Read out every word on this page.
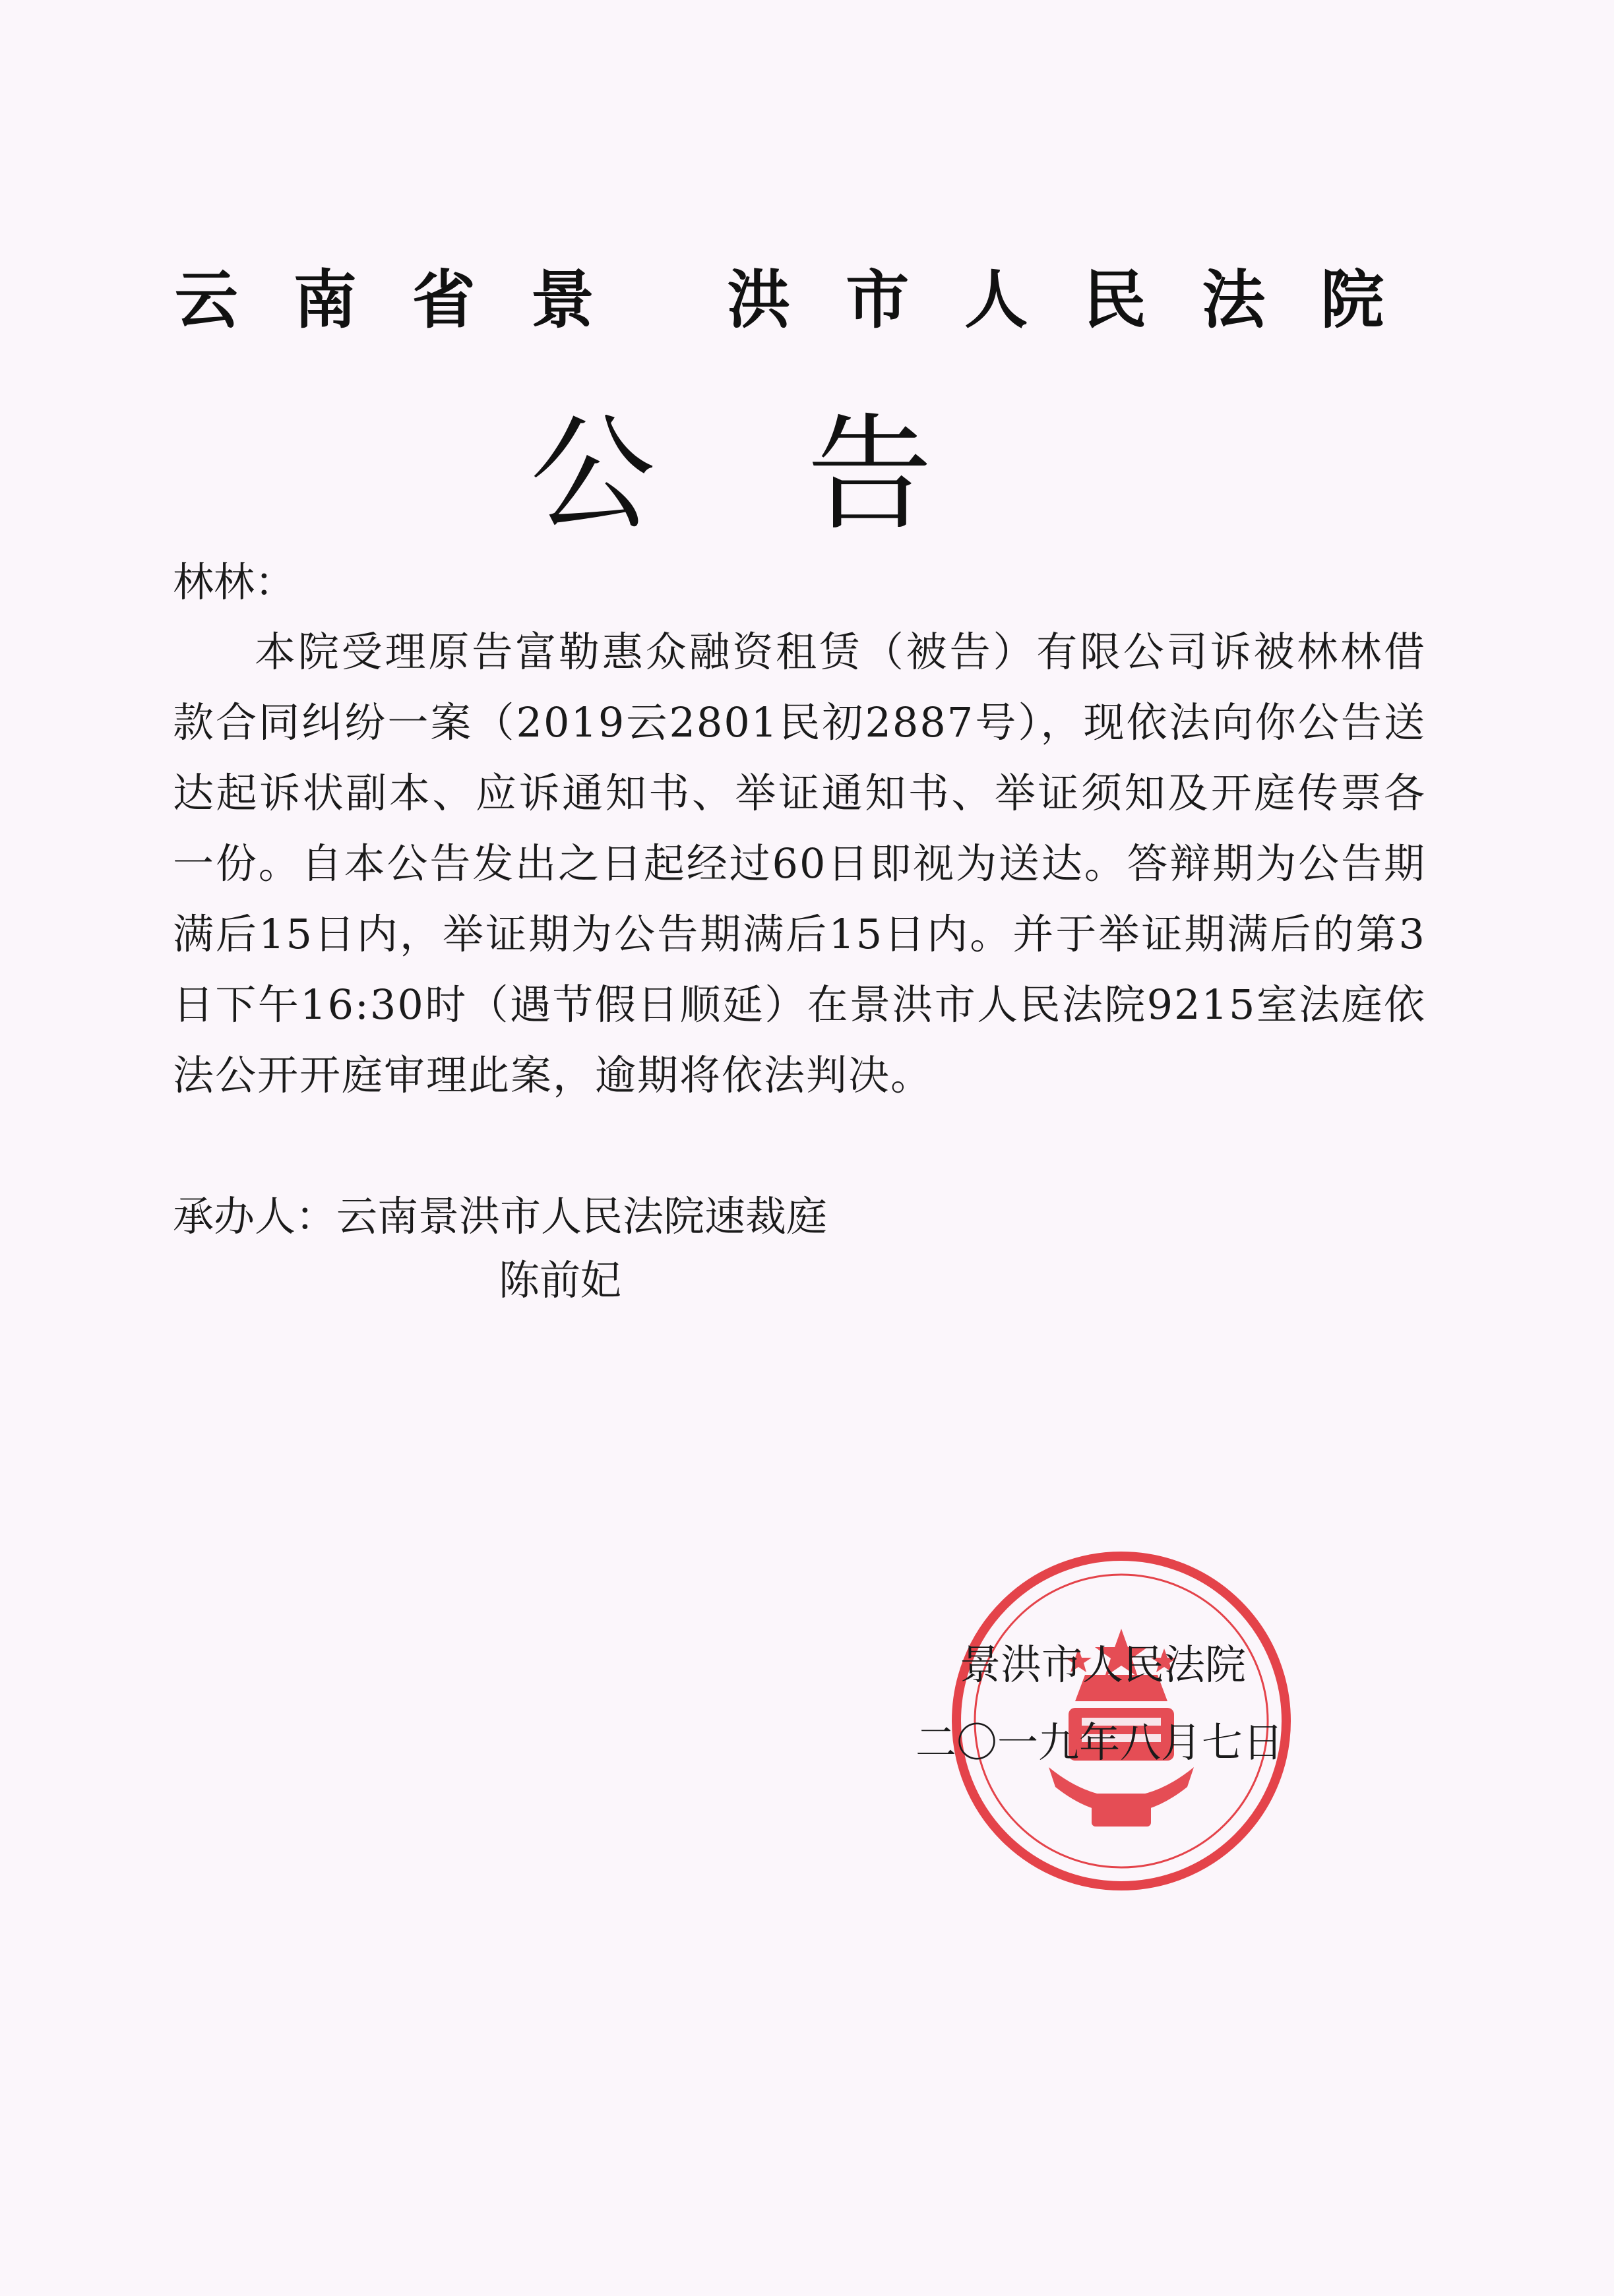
云南省景 洪市人民法院
公告
林林：

本院受理原告富勒惠众融资租赁（被告）有限公司诉被林林借款合同纠纷一案（2019云2801民初2887号），现依法向你公告送达起诉状副本、应诉通知书、举证通知书、举证须知及开庭传票各一份。自本公告发出之日起经过60日即视为送达。答辩期为公告期满后15日内，举证期为公告期满后15日内。并于举证期满后的第3日下午16:30时（遇节假日顺延）在景洪市人民法院9215室法庭依法公开开庭审理此案，逾期将依法判决。

承办人：云南景洪市人民法院速裁庭
陈前妃
景洪市人民法院
二〇一九年八月七日
